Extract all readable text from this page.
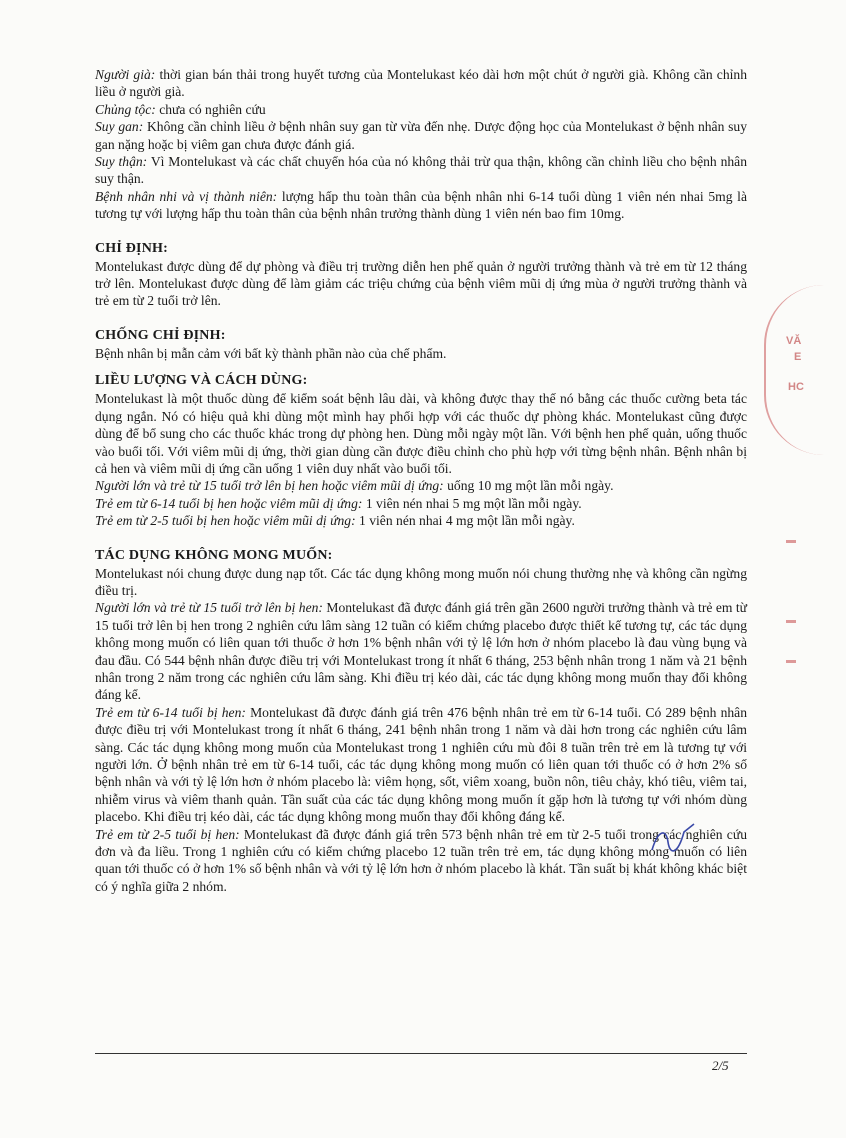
Người già: thời gian bán thải trong huyết tương của Montelukast kéo dài hơn một chút ở người già. Không cần chỉnh liều ở người già.

Chủng tộc: chưa có nghiên cứu

Suy gan: Không cần chỉnh liều ở bệnh nhân suy gan từ vừa đến nhẹ. Dược động học của Montelukast ở bệnh nhân suy gan nặng hoặc bị viêm gan chưa được đánh giá.

Suy thận: Vì Montelukast và các chất chuyển hóa của nó không thải trừ qua thận, không cần chỉnh liều cho bệnh nhân suy thận.

Bệnh nhân nhi và vị thành niên: lượng hấp thu toàn thân của bệnh nhân nhi 6-14 tuổi dùng 1 viên nén nhai 5mg là tương tự với lượng hấp thu toàn thân của bệnh nhân trưởng thành dùng 1 viên nén bao fim 10mg.

CHỈ ĐỊNH:

Montelukast được dùng để dự phòng và điều trị trường diễn hen phế quản ở người trưởng thành và trẻ em từ 12 tháng trở lên. Montelukast được dùng để làm giảm các triệu chứng của bệnh viêm mũi dị ứng mùa ở người trưởng thành và trẻ em từ 2 tuổi trở lên.

CHỐNG CHỈ ĐỊNH:

Bệnh nhân bị mẫn cảm với bất kỳ thành phần nào của chế phẩm.

LIỀU LƯỢNG VÀ CÁCH DÙNG:

Montelukast là một thuốc dùng để kiểm soát bệnh lâu dài, và không được thay thế nó bằng các thuốc cường beta tác dụng ngắn. Nó có hiệu quả khi dùng một mình hay phối hợp với các thuốc dự phòng khác. Montelukast cũng được dùng để bổ sung cho các thuốc khác trong dự phòng hen. Dùng mỗi ngày một lần. Với bệnh hen phế quản, uống thuốc vào buổi tối. Với viêm mũi dị ứng, thời gian dùng cần được điều chỉnh cho phù hợp với từng bệnh nhân. Bệnh nhân bị cả hen và viêm mũi dị ứng cần uống 1 viên duy nhất vào buổi tối.

Người lớn và trẻ từ 15 tuổi trở lên bị hen hoặc viêm mũi dị ứng: uống 10 mg một lần mỗi ngày.

Trẻ em từ 6-14 tuổi bị hen hoặc viêm mũi dị ứng: 1 viên nén nhai 5 mg một lần mỗi ngày.

Trẻ em từ 2-5 tuổi bị hen hoặc viêm mũi dị ứng: 1 viên nén nhai 4 mg một lần mỗi ngày.

TÁC DỤNG KHÔNG MONG MUỐN:

Montelukast nói chung được dung nạp tốt. Các tác dụng không mong muốn nói chung thường nhẹ và không cần ngừng điều trị.

Người lớn và trẻ từ 15 tuổi trở lên bị hen: Montelukast đã được đánh giá trên gần 2600 người trưởng thành và trẻ em từ 15 tuổi trở lên bị hen trong 2 nghiên cứu lâm sàng 12 tuần có kiểm chứng placebo được thiết kế tương tự, các tác dụng không mong muốn có liên quan tới thuốc ở hơn 1% bệnh nhân với tỷ lệ lớn hơn ở nhóm placebo là đau vùng bụng và đau đầu. Có 544 bệnh nhân được điều trị với Montelukast trong ít nhất 6 tháng, 253 bệnh nhân trong 1 năm và 21 bệnh nhân trong 2 năm trong các nghiên cứu lâm sàng. Khi điều trị kéo dài, các tác dụng không mong muốn thay đổi không đáng kể.

Trẻ em từ 6-14 tuổi bị hen: Montelukast đã được đánh giá trên 476 bệnh nhân trẻ em từ 6-14 tuổi. Có 289 bệnh nhân được điều trị với Montelukast trong ít nhất 6 tháng, 241 bệnh nhân trong 1 năm và dài hơn trong các nghiên cứu lâm sàng. Các tác dụng không mong muốn của Montelukast trong 1 nghiên cứu mù đôi 8 tuần trên trẻ em là tương tự với người lớn. Ở bệnh nhân trẻ em từ 6-14 tuổi, các tác dụng không mong muốn có liên quan tới thuốc có ở hơn 2% số bệnh nhân và với tỷ lệ lớn hơn ở nhóm placebo là: viêm họng, sốt, viêm xoang, buồn nôn, tiêu chảy, khó tiêu, viêm tai, nhiễm virus và viêm thanh quản. Tần suất của các tác dụng không mong muốn ít gặp hơn là tương tự với nhóm dùng placebo. Khi điều trị kéo dài, các tác dụng không mong muốn thay đổi không đáng kể.

Trẻ em từ 2-5 tuổi bị hen: Montelukast đã được đánh giá trên 573 bệnh nhân trẻ em từ 2-5 tuổi trong các nghiên cứu đơn và đa liều. Trong 1 nghiên cứu có kiểm chứng placebo 12 tuần trên trẻ em, tác dụng không mong muốn có liên quan tới thuốc có ở hơn 1% số bệnh nhân và với tỷ lệ lớn hơn ở nhóm placebo là khát. Tần suất bị khát không khác biệt có ý nghĩa giữa 2 nhóm.

2/5
VĂ
E
HC
